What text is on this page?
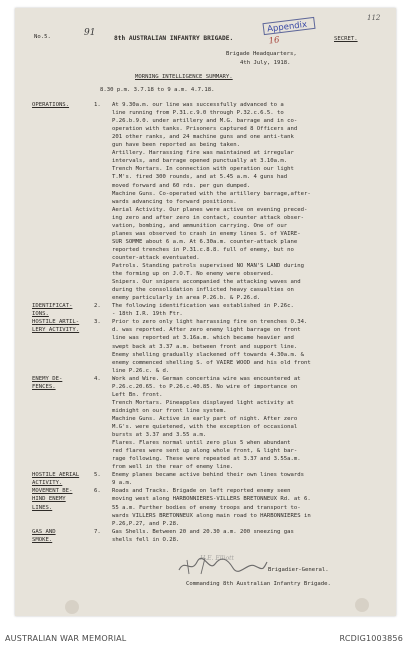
No.5.	91	Appendix 16
112
SECRET.
8th AUSTRALIAN INFANTRY BRIGADE.
Brigade Headquarters,
4th July, 1918.
MORNING INTELLIGENCE SUMMARY.
8.30 p.m. 3.7.18 to 9 a.m. 4.7.18.
OPERATIONS.	1. At 9.30a.m. our line was successfully advanced to a
line running from P.31.c.9.0 through P.32.c.6.5. to
P.26.b.9.0. under artillery and M.G. barrage and in co-
operation with tanks. Prisoners captured 8 Officers and
201 other ranks, and 24 machine guns and one anti-tank
gun have been reported as being taken.
Artillery. Harrassing fire was maintained at irregular
intervals, and barrage opened punctually at 3.10a.m.
Trench Mortars. In connection with operation our light
T.M's. fired 300 rounds, and at 5.45 a.m. 4 guns had
moved forward and 60 rds. per gun dumped.
Machine Guns. Co-operated with the artillery barrage,after-
wards advancing to forward positions.
Aerial Activity. Our planes were active on evening preced-
ing zero and after zero in contact, counter attack obser-
vation, bombing, and ammunition carrying. One of our
planes was observed to crash in enemy lines S. of VAIRE-
SUR SOMME about 6 a.m. At 6.30a.m. counter-attack plane
reported trenches in P.31.c.8.8. full of enemy, but no
counter-attack eventuated.
Patrols. Standing patrols supervised NO MAN'S LAND during
the forming up on J.O.T. No enemy were observed.
Snipers. Our snipers accompanied the attacking waves and
during the consolidation inflicted heavy casualties on
enemy particularly in area P.26.b. & P.26.d.
IDENTIFICAT-	2. The following identification was established in P.26c.
IONS.	- 18th I.R. 19th Ftr.
HOSTILE ARTIL-	3. Prior to zero only light harrassing fire on trenches O.34.
LERY ACTIVITY.	d. was reported. After zero enemy light barrage on front
line was reported at 3.16a.m. which became heavier and
swept back at 3.37 a.m. between front and support line.
Enemy shelling gradually slackened off towards 4.30a.m. &
enemy commenced shelling S. of VAIRE WOOD and his old front
line P.26.c. & d.
ENEMY DE-	4. Work and Wire. German concertina wire was encountered at
FENCES.	P.26.c.20.65. to P.26.c.40.85. No wire of importance on
Left Bn. front.
Trench Mortars. Pineapples displayed light activity at
midnight on our front line system.
Machine Guns. Active in early part of night. After zero
M.G's. were quietened, with the exception of occasional
bursts at 3.37 and 3.55 a.m.
Flares. Flares normal until zero plus 5 when abundant
red flares were sent up along whole front, & light bar-
rage following. These were repeated at 3.37 and 3.55a.m.
from well in the rear of enemy line.
HOSTILE AERIAL	5. Enemy planes became active behind their own lines towards
ACTIVITY.	9 a.m.
MOVEMENT BE-	6. Roads and Tracks. Brigade on left reported enemy seen
HIND ENEMY	moving west along HARBONNIERES-VILLERS BRETONNEUX Rd. at 6.
LINES.	55 a.m. Further bodies of enemy troops and transport to-
wards VILLERS BRETONNEUX along main road to HARBONNIERES in
P.26,P.27, and P.28.
GAS AND	7. Gas Shells. Between 20 and 20.30 a.m. 200 sneezing gas
SMOKE.	shells fell in O.28.
H.E. Elliott
Brigadier-General.
Commanding 8th Australian Infantry Brigade.
AUSTRALIAN WAR MEMORIAL	RCDIG1003856
